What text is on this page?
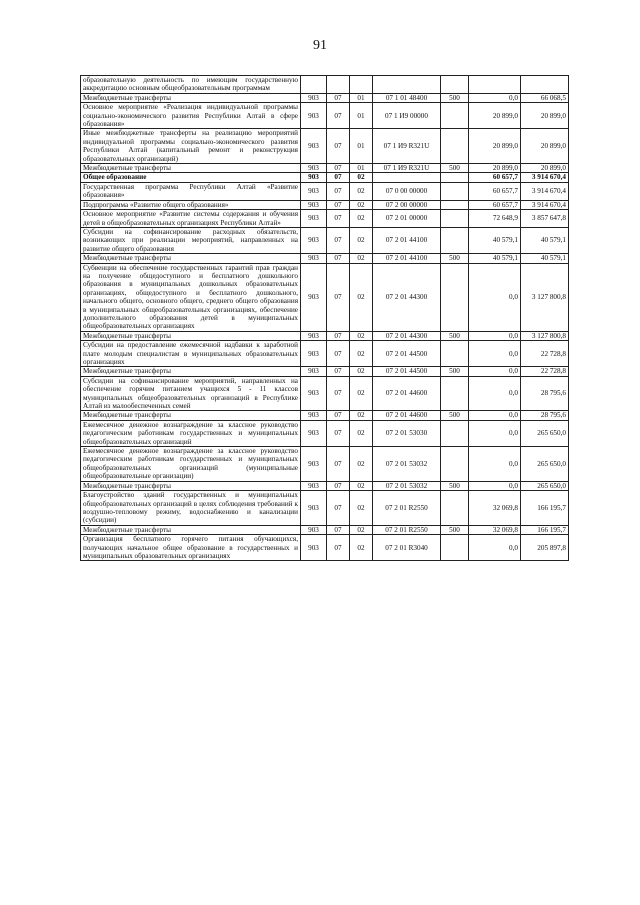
91
образовательную деятельность по имеющим государственную аккредитацию основным общеобразовательным программам							
Межбюджетные трансферты	903	07	01	07 1 01 48400	500	0,0	66 068,5
Основное мероприятие «Реализация индивидуальной программы социально-экономического развития Республики Алтай в сфере образования»	903	07	01	07 1 И9 00000		20 899,0	20 899,0
Иные межбюджетные трансферты на реализацию мероприятий индивидуальной программы социально-экономического развития Республики Алтай (капитальный ремонт и реконструкция образовательных организаций)	903	07	01	07 1 И9 R321U		20 899,0	20 899,0
Межбюджетные трансферты	903	07	01	07 1 И9 R321U	500	20 899,0	20 899,0
Общее образование	903	07	02			60 657,7	3 914 670,4
Государственная программа Республики Алтай «Развитие образования»	903	07	02	07 0 00 00000		60 657,7	3 914 670,4
Подпрограмма «Развитие общего образования»	903	07	02	07 2 00 00000		60 657,7	3 914 670,4
Основное мероприятие «Развитие системы содержания и обучения детей в общеобразовательных организациях Республики Алтай»	903	07	02	07 2 01 00000		72 648,9	3 857 647,8
Субсидии на софинансирование расходных обязательств, возникающих при реализации мероприятий, направленных на развитие общего образования	903	07	02	07 2 01 44100		40 579,1	40 579,1
Межбюджетные трансферты	903	07	02	07 2 01 44100	500	40 579,1	40 579,1
Субвенции на обеспечение государственных гарантий прав граждан на получение общедоступного и бесплатного дошкольного образования в муниципальных дошкольных образовательных организациях, общедоступного и бесплатного дошкольного, начального общего, основного общего, среднего общего образования в муниципальных общеобразовательных организациях, обеспечение дополнительного образования детей в муниципальных общеобразовательных организациях	903	07	02	07 2 01 44300		0,0	3 127 800,8
Межбюджетные трансферты	903	07	02	07 2 01 44300	500	0,0	3 127 800,8
Субсидии на предоставление ежемесячной надбавки к заработной плате молодым специалистам в муниципальных образовательных организациях	903	07	02	07 2 01 44500		0,0	22 728,8
Межбюджетные трансферты	903	07	02	07 2 01 44500	500	0,0	22 728,8
Субсидии на софинансирование мероприятий, направленных на обеспечение горячим питанием учащихся 5 - 11 классов муниципальных общеобразовательных организаций в Республике Алтай из малообеспеченных семей	903	07	02	07 2 01 44600		0,0	28 795,6
Межбюджетные трансферты	903	07	02	07 2 01 44600	500	0,0	28 795,6
Ежемесячное денежное вознаграждение за классное руководство педагогическим работникам государственных и муниципальных общеобразовательных организаций	903	07	02	07 2 01 53030		0,0	265 650,0
Ежемесячное денежное вознаграждение за классное руководство педагогическим работникам государственных и муниципальных общеобразовательных организаций (муниципальные общеобразовательные организации)	903	07	02	07 2 01 53032		0,0	265 650,0
Межбюджетные трансферты	903	07	02	07 2 01 53032	500	0,0	265 650,0
Благоустройство зданий государственных и муниципальных общеобразовательных организаций в целях соблюдения требований к воздушно-тепловому режиму, водоснабжению и канализации (субсидии)	903	07	02	07 2 01 R2550		32 069,8	166 195,7
Межбюджетные трансферты	903	07	02	07 2 01 R2550	500	32 069,8	166 195,7
Организация бесплатного горячего питания обучающихся, получающих начальное общее образование в государственных и муниципальных образовательных организациях	903	07	02	07 2 01 R3040		0,0	205 897,8
